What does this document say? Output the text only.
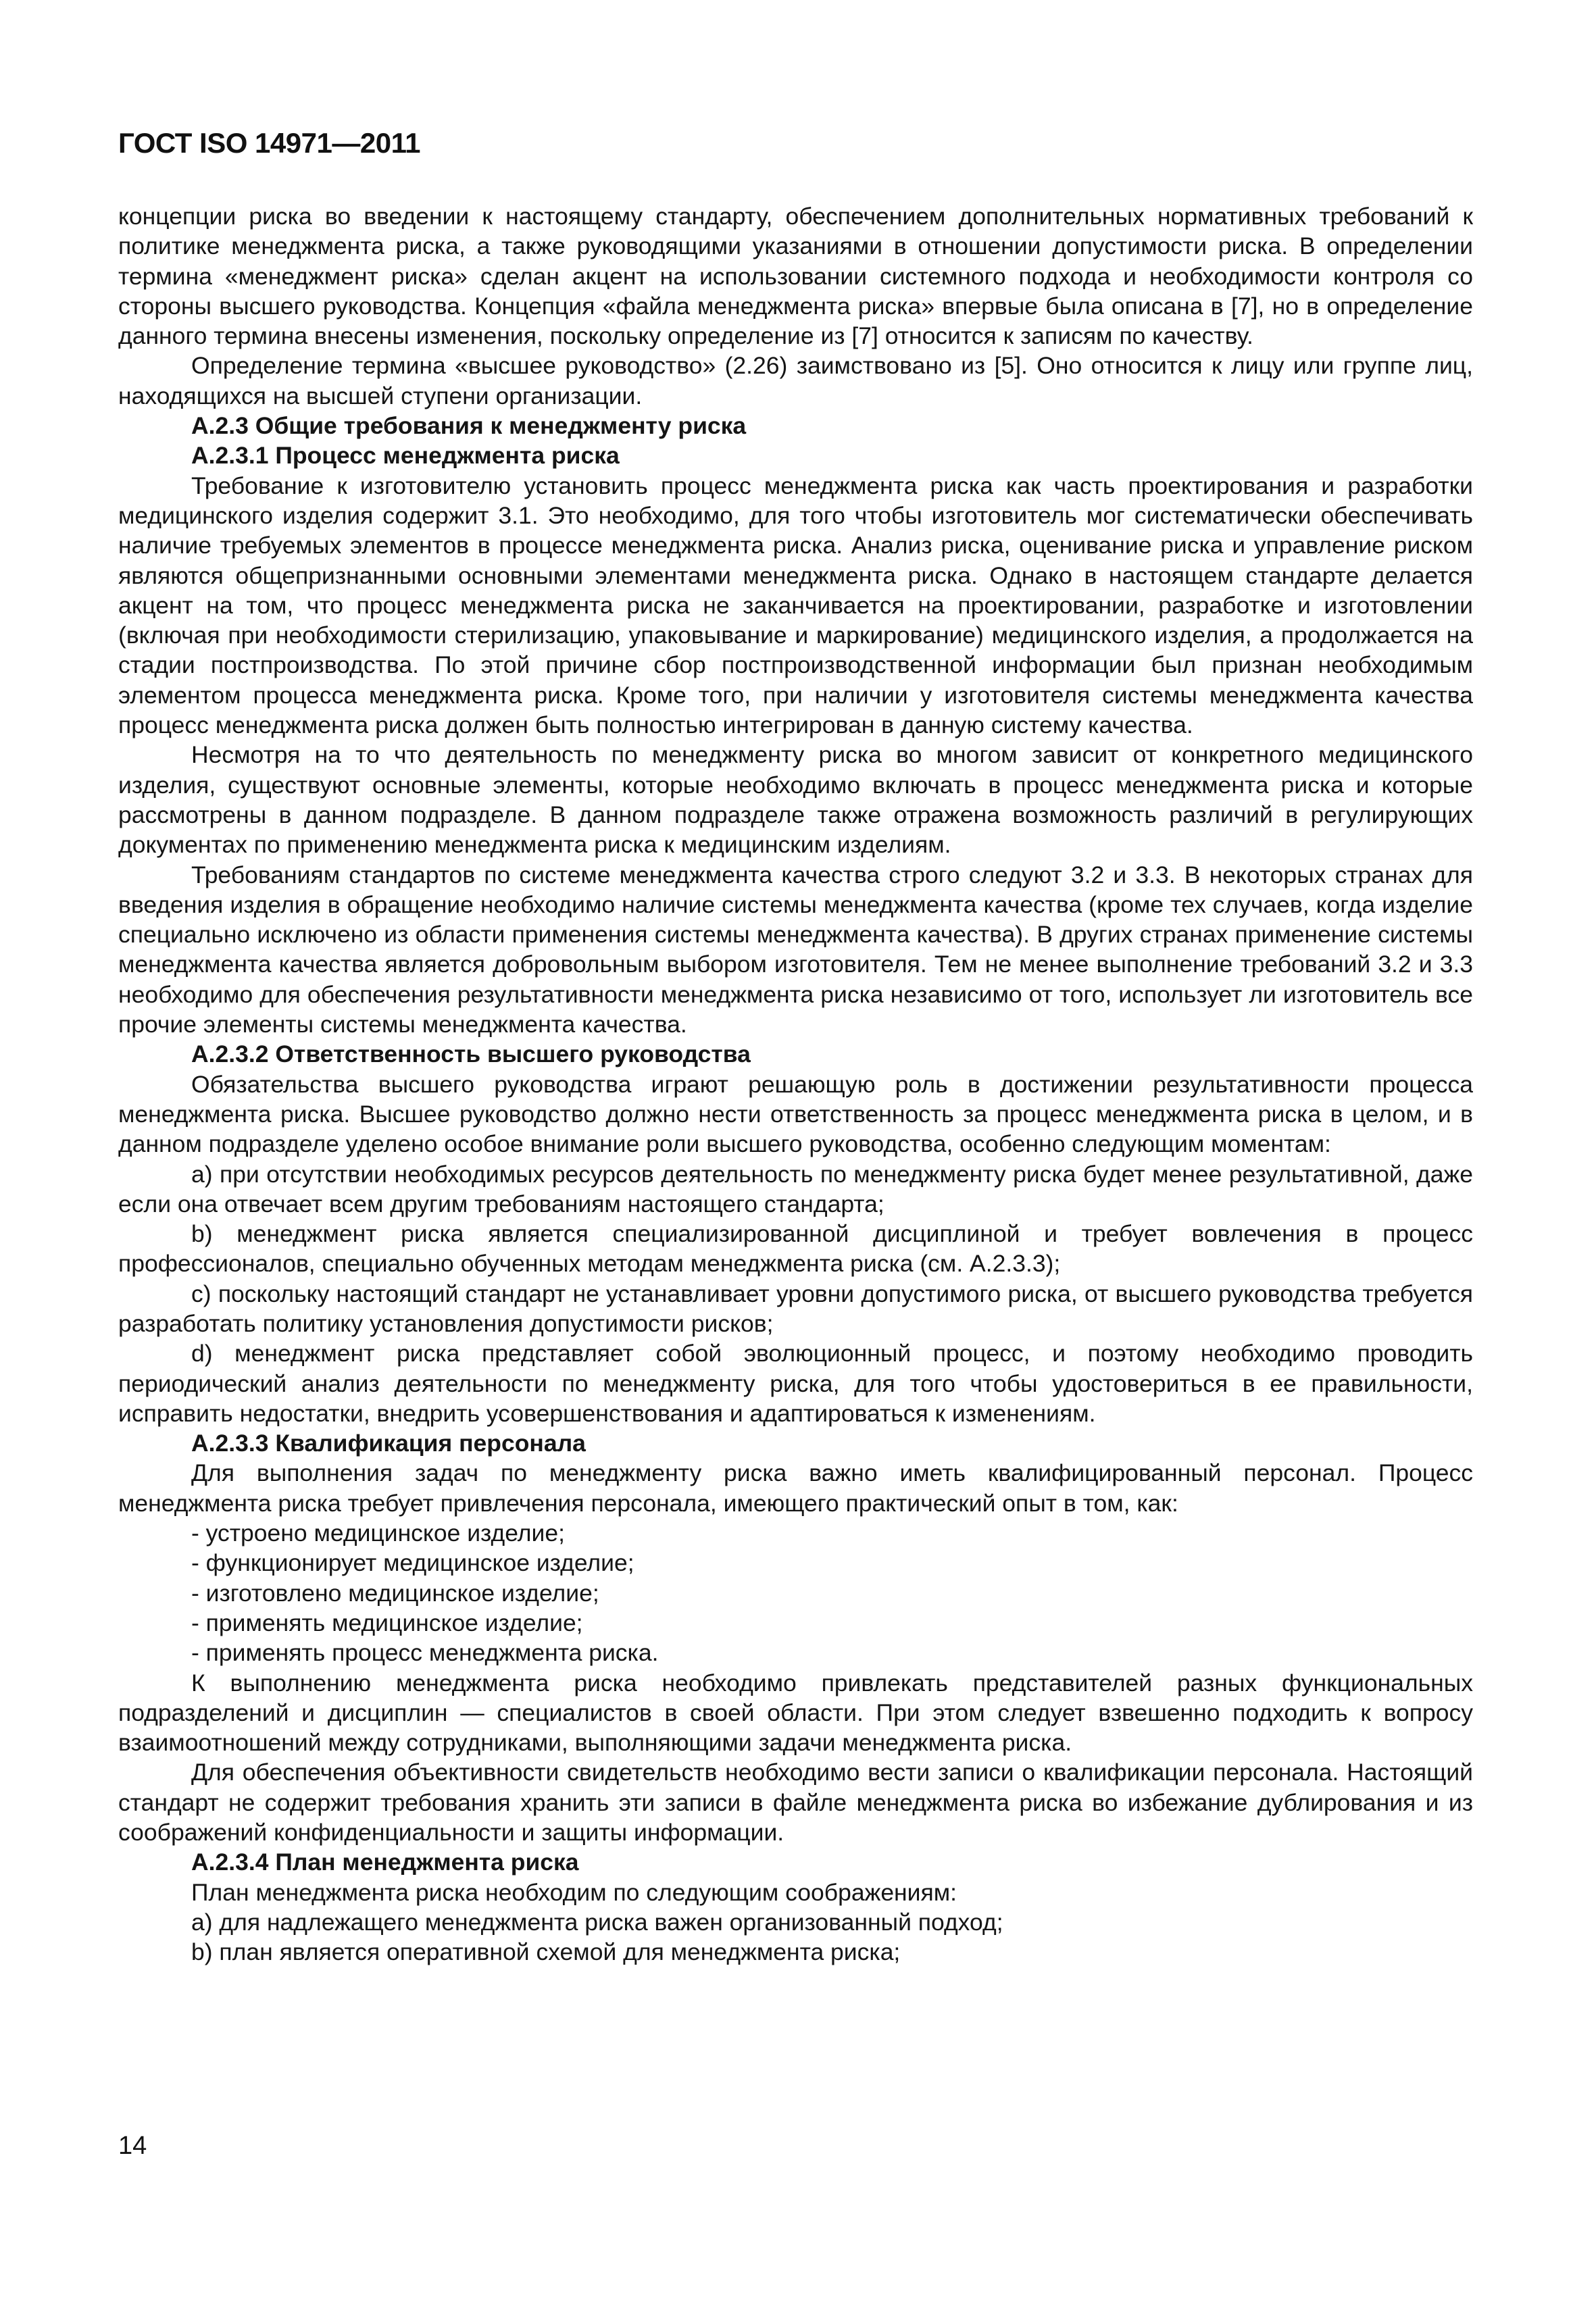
ГОСТ ISO 14971—2011

концепции риска во введении к настоящему стандарту, обеспечением дополнительных нормативных требований к политике менеджмента риска, а также руководящими указаниями в отношении допустимости риска. В определении термина «менеджмент риска» сделан акцент на использовании системного подхода и необходимости контроля со стороны высшего руководства. Концепция «файла менеджмента риска» впервые была описана в [7], но в определение данного термина внесены изменения, поскольку определение из [7] относится к записям по качеству.

Определение термина «высшее руководство» (2.26) заимствовано из [5]. Оно относится к лицу или группе лиц, находящихся на высшей ступени организации.

А.2.3 Общие требования к менеджменту риска
А.2.3.1 Процесс менеджмента риска

Требование к изготовителю установить процесс менеджмента риска как часть проектирования и разработки медицинского изделия содержит 3.1. Это необходимо, для того чтобы изготовитель мог систематически обеспечивать наличие требуемых элементов в процессе менеджмента риска. Анализ риска, оценивание риска и управление риском являются общепризнанными основными элементами менеджмента риска. Однако в настоящем стандарте делается акцент на том, что процесс менеджмента риска не заканчивается на проектировании, разработке и изготовлении (включая при необходимости стерилизацию, упаковывание и маркирование) медицинского изделия, а продолжается на стадии постпроизводства. По этой причине сбор постпроизводственной информации был признан необходимым элементом процесса менеджмента риска. Кроме того, при наличии у изготовителя системы менеджмента качества процесс менеджмента риска должен быть полностью интегрирован в данную систему качества.

Несмотря на то что деятельность по менеджменту риска во многом зависит от конкретного медицинского изделия, существуют основные элементы, которые необходимо включать в процесс менеджмента риска и которые рассмотрены в данном подразделе. В данном подразделе также отражена возможность различий в регулирующих документах по применению менеджмента риска к медицинским изделиям.

Требованиям стандартов по системе менеджмента качества строго следуют 3.2 и 3.3. В некоторых странах для введения изделия в обращение необходимо наличие системы менеджмента качества (кроме тех случаев, когда изделие специально исключено из области применения системы менеджмента качества). В других странах применение системы менеджмента качества является добровольным выбором изготовителя. Тем не менее выполнение требований 3.2 и 3.3 необходимо для обеспечения результативности менеджмента риска независимо от того, использует ли изготовитель все прочие элементы системы менеджмента качества.

А.2.3.2 Ответственность высшего руководства

Обязательства высшего руководства играют решающую роль в достижении результативности процесса менеджмента риска. Высшее руководство должно нести ответственность за процесс менеджмента риска в целом, и в данном подразделе уделено особое внимание роли высшего руководства, особенно следующим моментам:

a) при отсутствии необходимых ресурсов деятельность по менеджменту риска будет менее результативной, даже если она отвечает всем другим требованиям настоящего стандарта;

b) менеджмент риска является специализированной дисциплиной и требует вовлечения в процесс профессионалов, специально обученных методам менеджмента риска (см. А.2.3.3);

c) поскольку настоящий стандарт не устанавливает уровни допустимого риска, от высшего руководства требуется разработать политику установления допустимости рисков;

d) менеджмент риска представляет собой эволюционный процесс, и поэтому необходимо проводить периодический анализ деятельности по менеджменту риска, для того чтобы удостовериться в ее правильности, исправить недостатки, внедрить усовершенствования и адаптироваться к изменениям.

А.2.3.3 Квалификация персонала

Для выполнения задач по менеджменту риска важно иметь квалифицированный персонал. Процесс менеджмента риска требует привлечения персонала, имеющего практический опыт в том, как:

- устроено медицинское изделие;

- функционирует медицинское изделие;

- изготовлено медицинское изделие;

- применять медицинское изделие;

- применять процесс менеджмента риска.

К выполнению менеджмента риска необходимо привлекать представителей разных функциональных подразделений и дисциплин — специалистов в своей области. При этом следует взвешенно подходить к вопросу взаимоотношений между сотрудниками, выполняющими задачи менеджмента риска.

Для обеспечения объективности свидетельств необходимо вести записи о квалификации персонала. Настоящий стандарт не содержит требования хранить эти записи в файле менеджмента риска во избежание дублирования и из соображений конфиденциальности и защиты информации.

А.2.3.4 План менеджмента риска

План менеджмента риска необходим по следующим соображениям:

a) для надлежащего менеджмента риска важен организованный подход;

b) план является оперативной схемой для менеджмента риска;

14
